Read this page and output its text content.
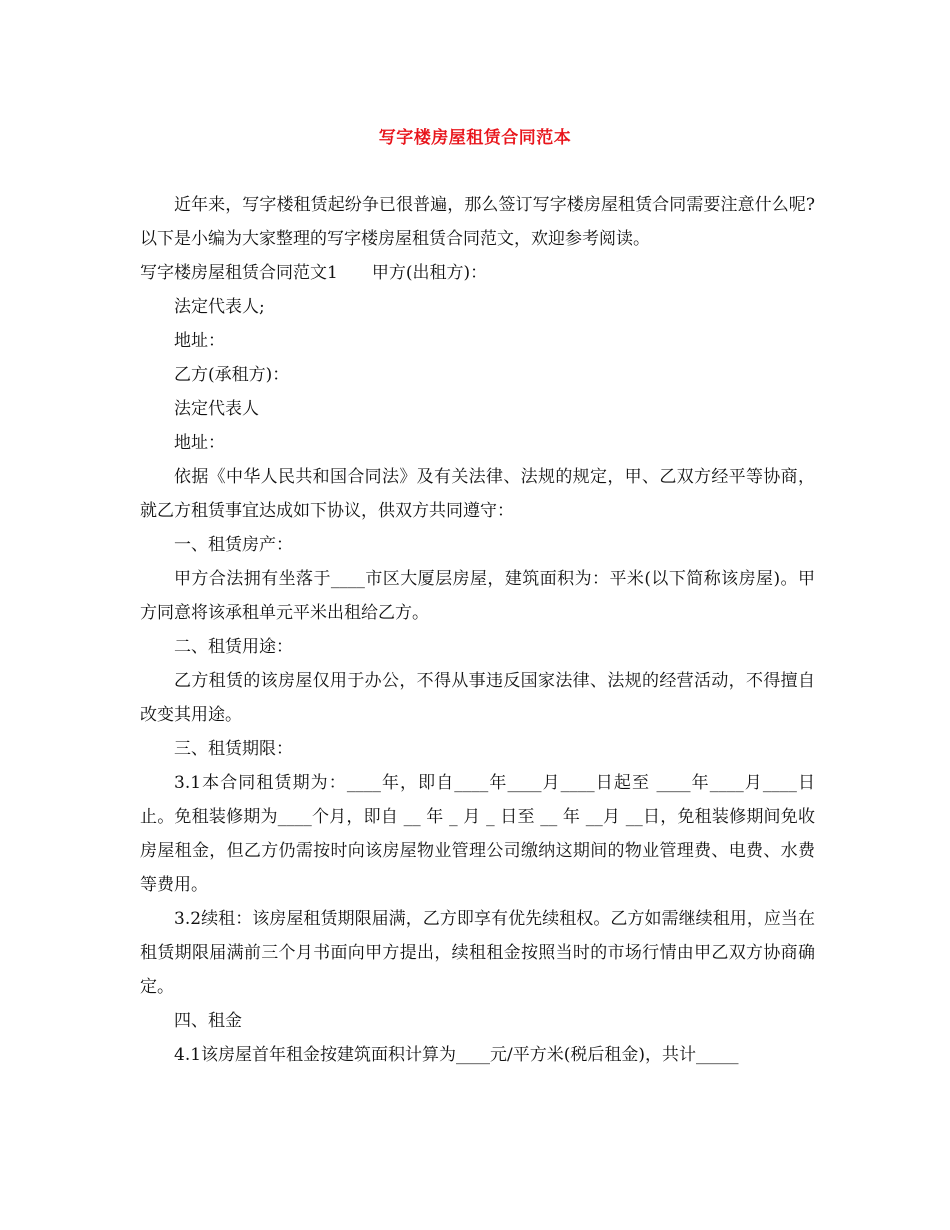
写字楼房屋租赁合同范本

近年来，写字楼租赁起纷争已很普遍，那么签订写字楼房屋租赁合同需要注意什么呢?以下是小编为大家整理的写字楼房屋租赁合同范文，欢迎参考阅读。

写字楼房屋租赁合同范文1　　甲方(出租方)：

法定代表人;

地址：

乙方(承租方)：

法定代表人

地址：

依据《中华人民共和国合同法》及有关法律、法规的规定，甲、乙双方经平等协商，就乙方租赁事宜达成如下协议，供双方共同遵守：

一、租赁房产：

甲方合法拥有坐落于____市区大厦层房屋，建筑面积为：平米(以下简称该房屋)。甲方同意将该承租单元平米出租给乙方。

二、租赁用途：

乙方租赁的该房屋仅用于办公，不得从事违反国家法律、法规的经营活动，不得擅自改变其用途。

三、租赁期限：

3.1本合同租赁期为：____年，即自____年____月____日起至 ____年____月____日止。免租装修期为____个月，即自 __ 年 _ 月 _ 日至 __ 年 __月 __日，免租装修期间免收房屋租金，但乙方仍需按时向该房屋物业管理公司缴纳这期间的物业管理费、电费、水费等费用。

3.2续租：该房屋租赁期限届满，乙方即享有优先续租权。乙方如需继续租用，应当在租赁期限届满前三个月书面向甲方提出，续租租金按照当时的市场行情由甲乙双方协商确定。

四、租金

4.1该房屋首年租金按建筑面积计算为____元/平方米(税后租金)，共计_____
